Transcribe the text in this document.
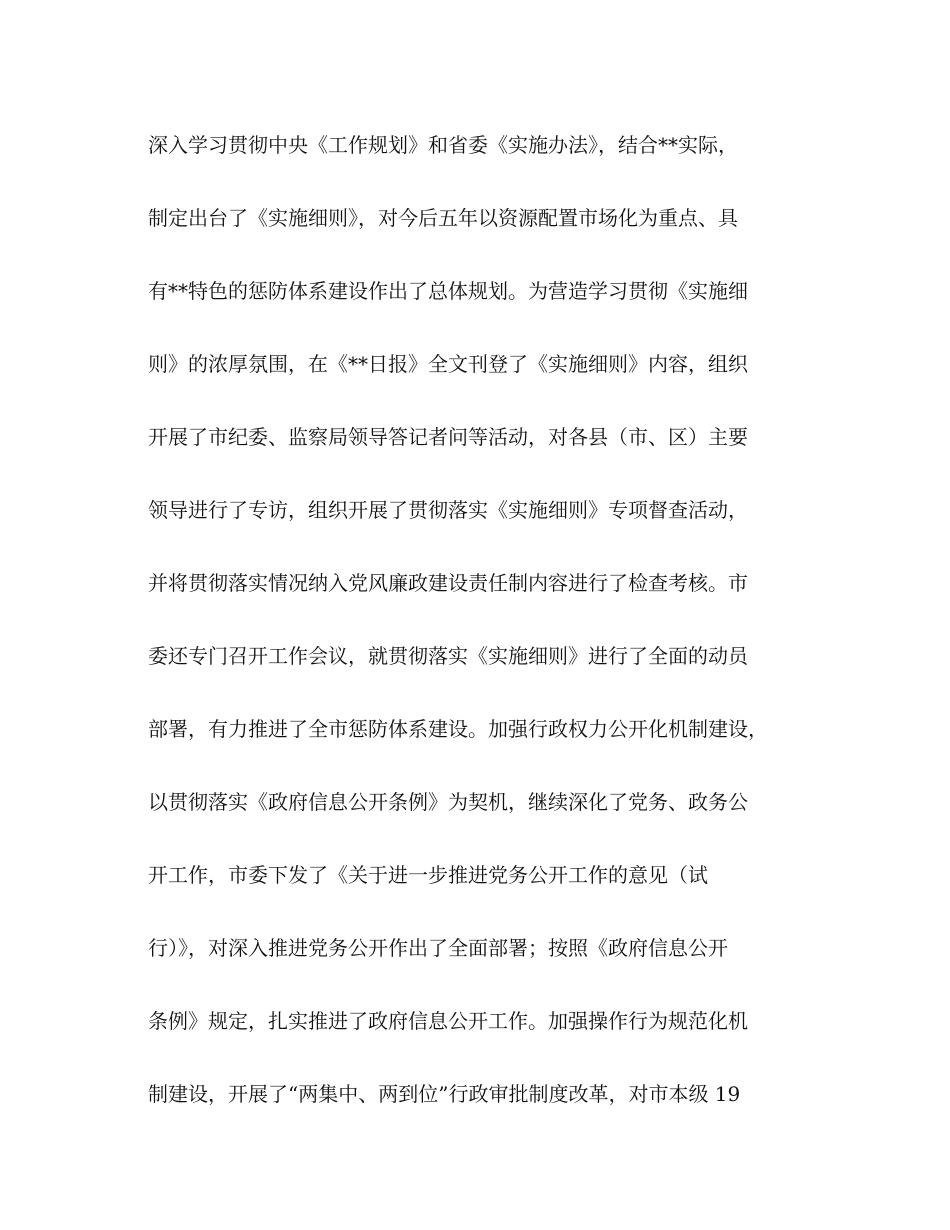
深入学习贯彻中央《工作规划》和省委《实施办法》，结合**实际，
制定出台了《实施细则》，对今后五年以资源配置市场化为重点、具
有**特色的惩防体系建设作出了总体规划。为营造学习贯彻《实施细
则》的浓厚氛围，在《**日报》全文刊登了《实施细则》内容，组织
开展了市纪委、监察局领导答记者问等活动，对各县（市、区）主要
领导进行了专访，组织开展了贯彻落实《实施细则》专项督查活动，
并将贯彻落实情况纳入党风廉政建设责任制内容进行了检查考核。市
委还专门召开工作会议，就贯彻落实《实施细则》进行了全面的动员
部署，有力推进了全市惩防体系建设。加强行政权力公开化机制建设，
以贯彻落实《政府信息公开条例》为契机，继续深化了党务、政务公
开工作，市委下发了《关于进一步推进党务公开工作的意见（试
行）》，对深入推进党务公开作出了全面部署；按照《政府信息公开
条例》规定，扎实推进了政府信息公开工作。加强操作行为规范化机
制建设，开展了“两集中、两到位”行政审批制度改革，对市本级 19
